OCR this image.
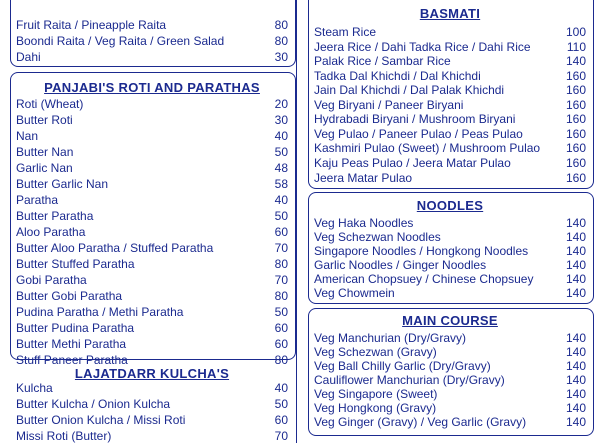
Fruit Raita / Pineapple Raita	80
Boondi Raita / Veg Raita / Green Salad	80
Dahi	30
PANJABI'S ROTI AND PARATHAS
Roti (Wheat)	20
Butter Roti	30
Nan	40
Butter Nan	50
Garlic Nan	48
Butter Garlic Nan	58
Paratha	40
Butter Paratha	50
Aloo Paratha	60
Butter Aloo Paratha / Stuffed Paratha	70
Butter Stuffed Paratha	80
Gobi Paratha	70
Butter Gobi Paratha	80
Pudina Paratha / Methi Paratha	50
Butter Pudina Paratha	60
Butter Methi Paratha	60
Stuff Paneer Paratha	80
LAJATDARR KULCHA'S
Kulcha	40
Butter Kulcha / Onion Kulcha	50
Butter Onion Kulcha / Missi Roti	60
Missi Roti (Butter)	70
BASMATI
Steam Rice	100
Jeera Rice / Dahi Tadka Rice / Dahi Rice	110
Palak Rice / Sambar Rice	140
Tadka Dal Khichdi / Dal Khichdi	160
Jain Dal Khichdi / Dal Palak Khichdi	160
Veg Biryani / Paneer Biryani	160
Hydrabadi Biryani / Mushroom Biryani	160
Veg Pulao / Paneer Pulao / Peas Pulao	160
Kashmiri Pulao (Sweet) / Mushroom Pulao 160
Kaju Peas Pulao / Jeera Matar Pulao	160
Jeera Matar Pulao	160
NOODLES
Veg Haka Noodles	140
Veg Schezwan Noodles	140
Singapore Noodles / Hongkong Noodles	140
Garlic Noodles / Ginger Noodles	140
American Chopsuey / Chinese Chopsuey	140
Veg Chowmein	140
MAIN COURSE
Veg Manchurian (Dry/Gravy)	140
Veg Schezwan (Gravy)	140
Veg Ball Chilly Garlic (Dry/Gravy)	140
Cauliflower Manchurian (Dry/Gravy)	140
Veg Singapore (Sweet)	140
Veg Hongkong (Gravy)	140
Veg Ginger (Gravy) / Veg Garlic (Gravy)	140
